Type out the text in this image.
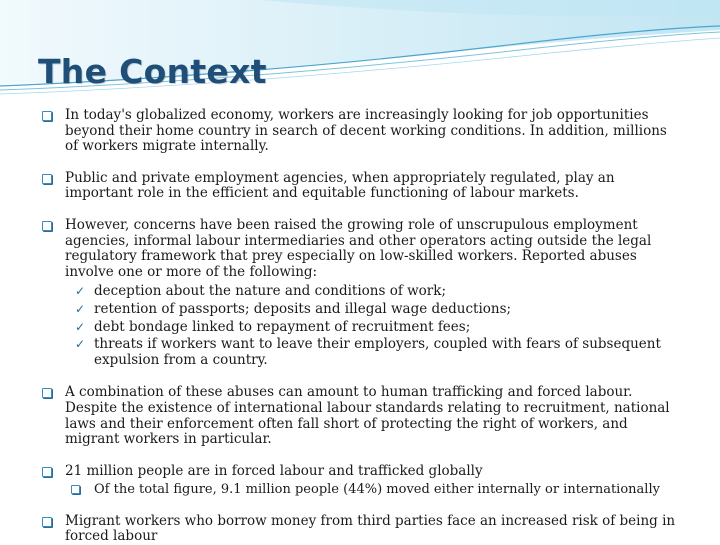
The Context
In today's globalized economy, workers are increasingly looking for job opportunities beyond their home country in search of decent working conditions. In addition, millions of workers migrate internally.
Public and private employment agencies, when appropriately regulated, play an important role in the efficient and equitable functioning of labour markets.
However, concerns have been raised the growing role of unscrupulous employment agencies, informal labour intermediaries and other operators acting outside the legal regulatory framework that prey especially on low-skilled workers. Reported abuses involve one or more of the following:
✓ deception about the nature and conditions of work;
✓ retention of passports; deposits and illegal wage deductions;
✓ debt bondage linked to repayment of recruitment fees;
✓ threats if workers want to leave their employers, coupled with fears of subsequent expulsion from a country.
A combination of these abuses can amount to human trafficking and forced labour. Despite the existence of international labour standards relating to recruitment, national laws and their enforcement often fall short of protecting the right of workers, and migrant workers in particular.
21 million people are in forced labour and trafficked globally
Of the total figure, 9.1 million people (44%) moved either internally or internationally
Migrant workers who borrow money from third parties face an increased risk of being in forced labour
